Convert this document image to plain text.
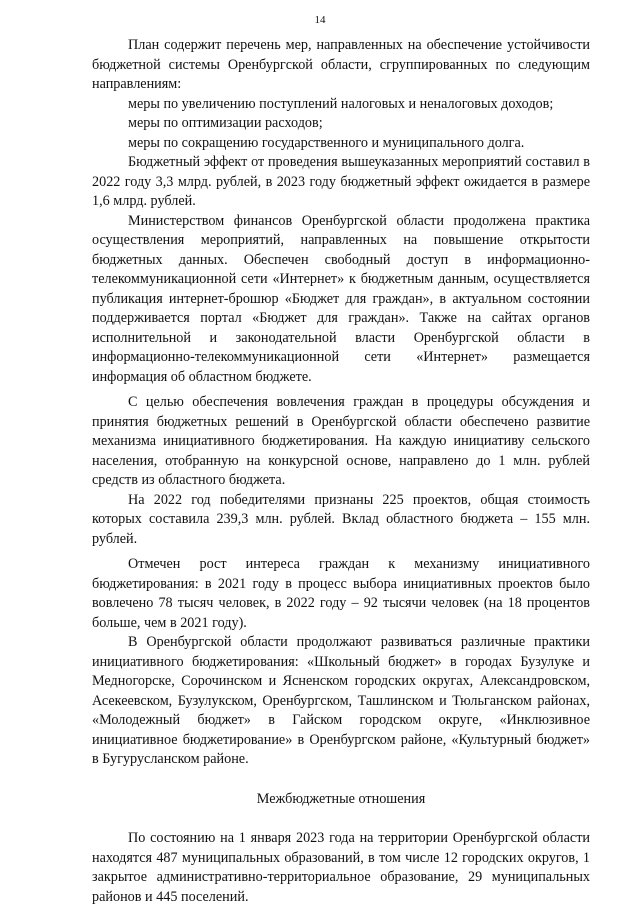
14

План содержит перечень мер, направленных на обеспечение устойчивости бюджетной системы Оренбургской области, сгруппированных по следующим направлениям:

меры по увеличению поступлений налоговых и неналоговых доходов;

меры по оптимизации расходов;

меры по сокращению государственного и муниципального долга.

Бюджетный эффект от проведения вышеуказанных мероприятий составил в 2022 году 3,3 млрд. рублей, в 2023 году бюджетный эффект ожидается в размере 1,6 млрд. рублей.

Министерством финансов Оренбургской области продолжена практика осуществления мероприятий, направленных на повышение открытости бюджетных данных. Обеспечен свободный доступ в информационно-телекоммуникационной сети «Интернет» к бюджетным данным, осуществляется публикация интернет-брошюр «Бюджет для граждан», в актуальном состоянии поддерживается портал «Бюджет для граждан». Также на сайтах органов исполнительной и законодательной власти Оренбургской области в информационно-телекоммуникационной сети «Интернет» размещается информация об областном бюджете.

С целью обеспечения вовлечения граждан в процедуры обсуждения и принятия бюджетных решений в Оренбургской области обеспечено развитие механизма инициативного бюджетирования. На каждую инициативу сельского населения, отобранную на конкурсной основе, направлено до 1 млн. рублей средств из областного бюджета.

На 2022 год победителями признаны 225 проектов, общая стоимость которых составила 239,3 млн. рублей. Вклад областного бюджета – 155 млн. рублей.

Отмечен рост интереса граждан к механизму инициативного бюджетирования: в 2021 году в процесс выбора инициативных проектов было вовлечено 78 тысяч человек, в 2022 году – 92 тысячи человек (на 18 процентов больше, чем в 2021 году).

В Оренбургской области продолжают развиваться различные практики инициативного бюджетирования: «Школьный бюджет» в городах Бузулуке и Медногорске, Сорочинском и Ясненском городских округах, Александровском, Асекеевском, Бузулукском, Оренбургском, Ташлинском и Тюльганском районах, «Молодежный бюджет» в Гайском городском округе, «Инклюзивное инициативное бюджетирование» в Оренбургском районе, «Культурный бюджет» в Бугурусланском районе.

Межбюджетные отношения

По состоянию на 1 января 2023 года на территории Оренбургской области находятся 487 муниципальных образований, в том числе 12 городских округов, 1 закрытое административно-территориальное образование, 29 муниципальных районов и 445 поселений.
